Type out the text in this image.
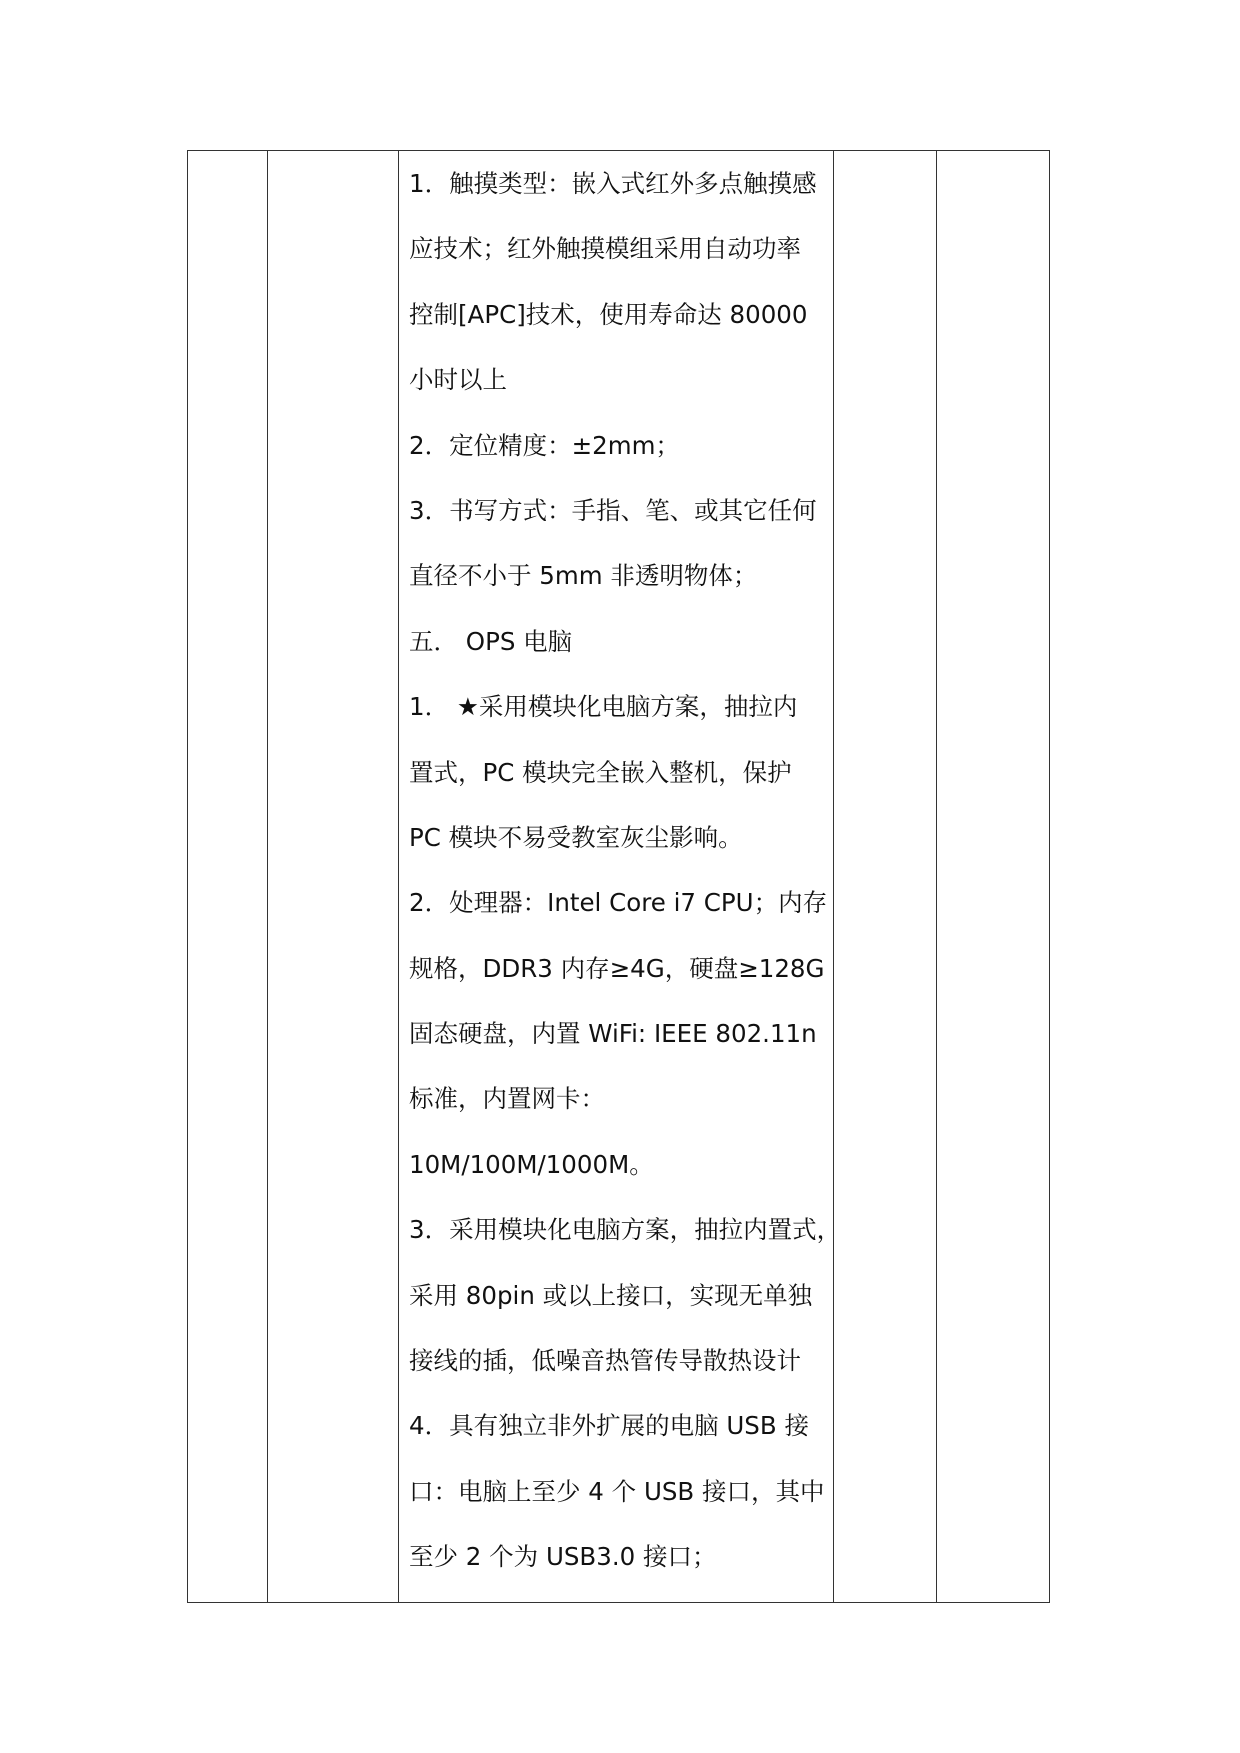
1．触摸类型：嵌入式红外多点触摸感
应技术；红外触摸模组采用自动功率
控制[APC]技术，使用寿命达 80000
小时以上
2．定位精度：±2mm；
3．书写方式：手指、笔、或其它任何
直径不小于 5mm 非透明物体；
五． OPS 电脑
1． ★采用模块化电脑方案，抽拉内
置式，PC 模块完全嵌入整机，保护
PC 模块不易受教室灰尘影响。
2．处理器：Intel Core i7 CPU；内存
规格，DDR3 内存≥4G，硬盘≥128G
固态硬盘，内置 WiFi: IEEE 802.11n
标准，内置网卡：
10M/100M/1000M。
3．采用模块化电脑方案，抽拉内置式，
采用 80pin 或以上接口，实现无单独
接线的插，低噪音热管传导散热设计
4．具有独立非外扩展的电脑 USB 接
口：电脑上至少 4 个 USB 接口，其中
至少 2 个为 USB3.0 接口；
